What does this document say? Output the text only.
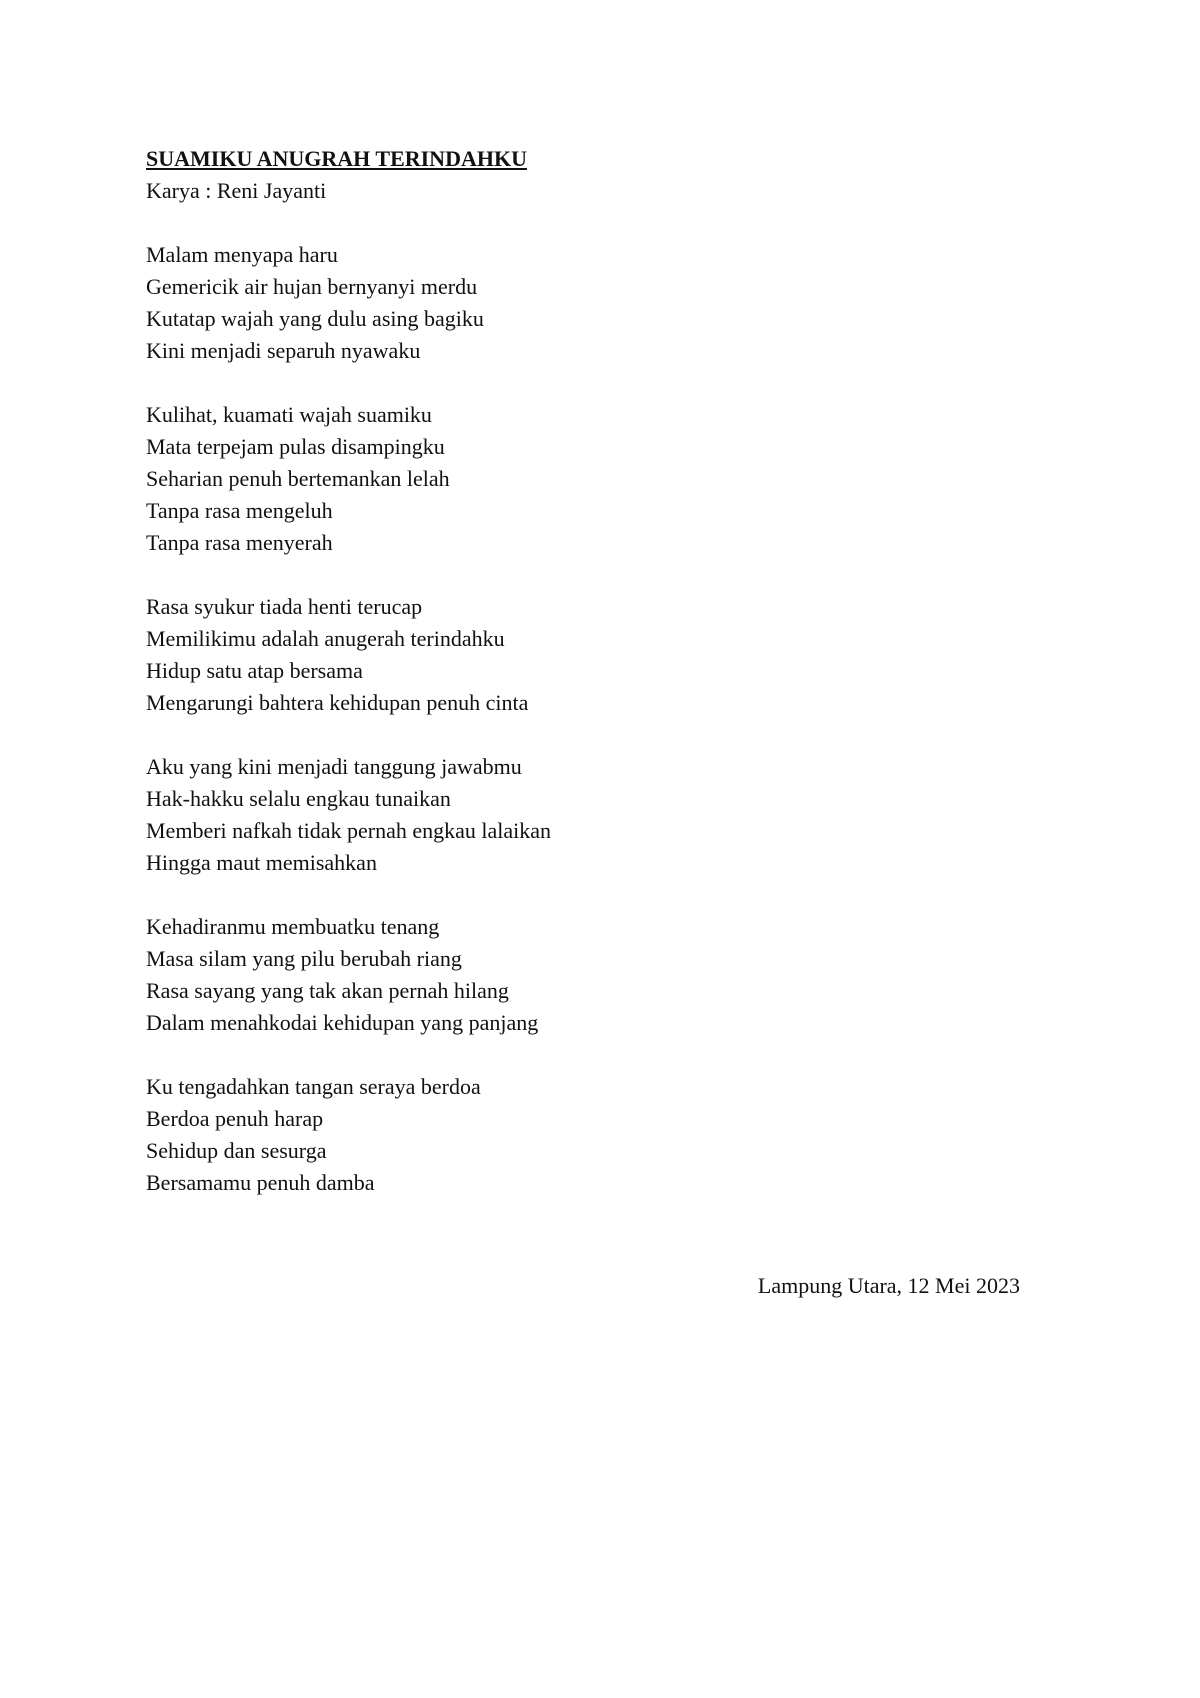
SUAMIKU ANUGRAH TERINDAHKU

Karya : Reni Jayanti

Malam menyapa haru
Gemericik air hujan bernyanyi merdu
Kutatap wajah yang dulu asing bagiku
Kini menjadi separuh nyawaku
Kulihat, kuamati wajah suamiku
Mata terpejam pulas disampingku
Seharian penuh bertemankan lelah
Tanpa rasa mengeluh
Tanpa rasa menyerah
Rasa syukur tiada henti terucap
Memilikimu adalah anugerah terindahku
Hidup satu atap bersama
Mengarungi bahtera kehidupan penuh cinta
Aku yang kini menjadi tanggung jawabmu
Hak-hakku selalu engkau tunaikan
Memberi nafkah tidak pernah engkau lalaikan
Hingga maut memisahkan
Kehadiranmu membuatku tenang
Masa silam yang pilu berubah riang
Rasa sayang yang tak akan pernah hilang
Dalam menahkodai kehidupan yang panjang
Ku tengadahkan tangan seraya berdoa
Berdoa penuh harap
Sehidup dan sesurga
Bersamamu penuh damba
Lampung Utara, 12 Mei 2023
